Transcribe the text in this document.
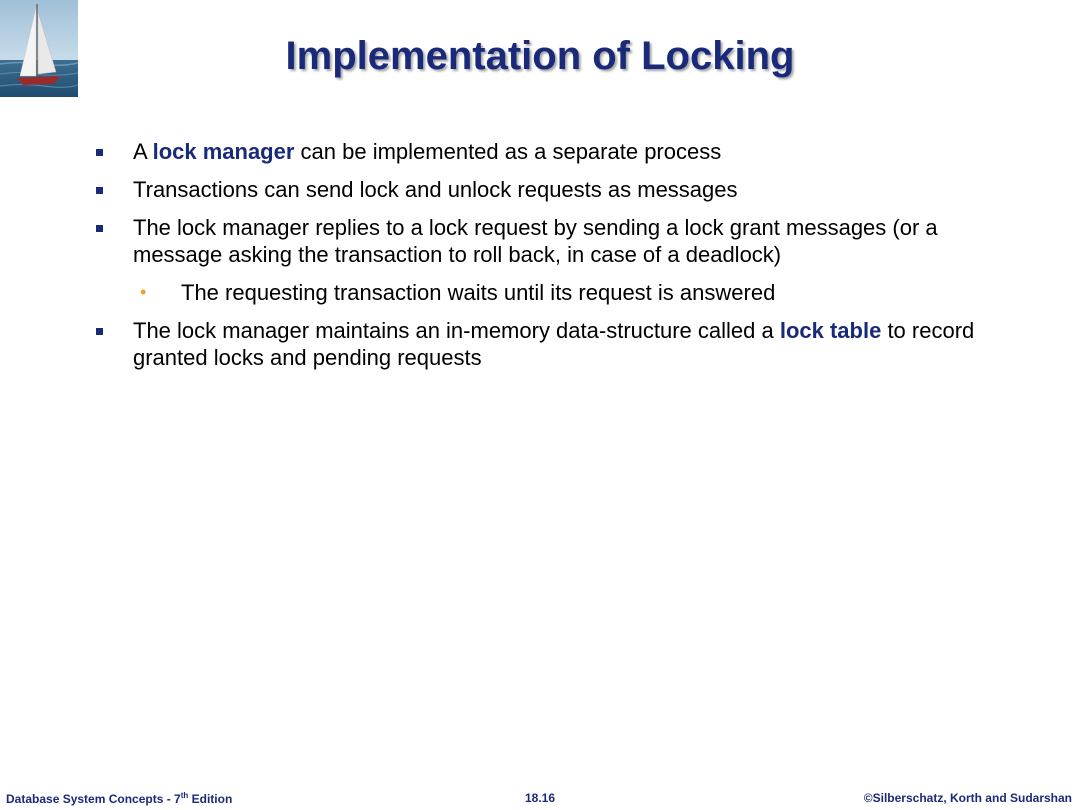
Implementation of Locking
A lock manager can be implemented as a separate process
Transactions can send lock and unlock requests as messages
The lock manager replies to a lock request by sending a lock grant messages (or a message asking the transaction to roll back, in case of a deadlock)
• The requesting transaction waits until its request is answered
The lock manager maintains an in-memory data-structure called a lock table to record granted locks and pending requests
Database System Concepts - 7th Edition	18.16	©Silberschatz, Korth and Sudarshan
